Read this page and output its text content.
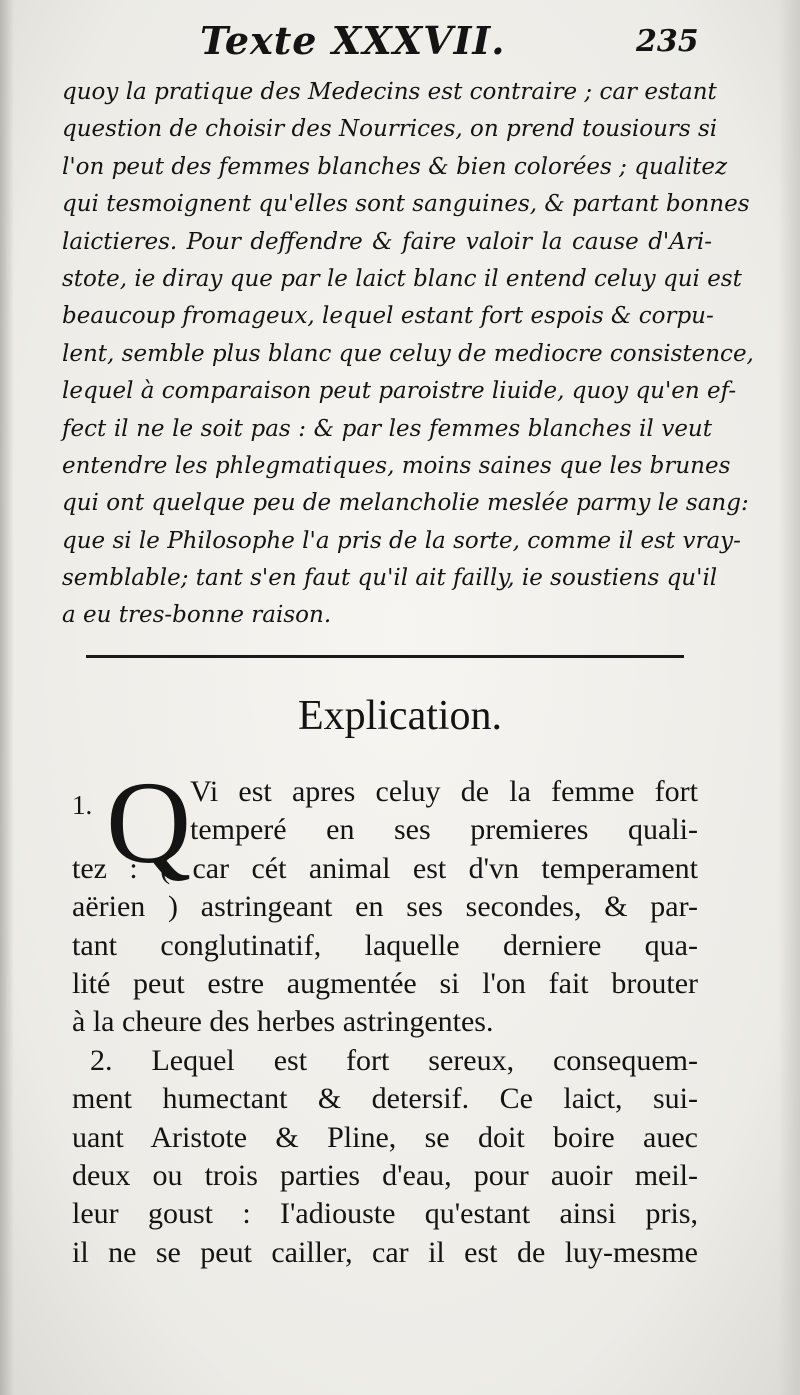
Texte XXXVII.	235
quoy la pratique des Medecins est contraire ; car estant
question de choisir des Nourrices, on prend tousiours si
l'on peut des femmes blanches & bien colorées ; qualitez
qui tesmoignent qu'elles sont sanguines, & partant bonnes
laictieres. Pour deffendre & faire valoir la cause d'Ari-
stote, ie diray que par le laict blanc il entend celuy qui est
beaucoup fromageux, lequel estant fort espois & corpu-
lent, semble plus blanc que celuy de mediocre consistence,
lequel à comparaison peut paroistre liuide, quoy qu'en ef-
fect il ne le soit pas : & par les femmes blanches il veut
entendre les phlegmatiques, moins saines que les brunes
qui ont quelque peu de melancholie meslée parmy le sang:
que si le Philosophe l'a pris de la sorte, comme il est vray-
semblable; tant s'en faut qu'il ait failly, ie soustiens qu'il
a eu tres-bonne raison.
Explication.
1. Q
Vi est apres celuy de la femme fort
temperé en ses premieres quali-
tez : ( car cét animal est d'vn temperament
aërien ) astringeant en ses secondes, & par-
tant conglutinatif, laquelle derniere qua-
lité peut estre augmentée si l'on fait brouter
à la cheure des herbes astringentes.
2. Lequel est fort sereux, consequem-
ment humectant & detersif. Ce laict, sui-
uant Aristote & Pline, se doit boire auec
deux ou trois parties d'eau, pour auoir meil-
leur goust : I'adiouste qu'estant ainsi pris,
il ne se peut cailler, car il est de luy-mesme
